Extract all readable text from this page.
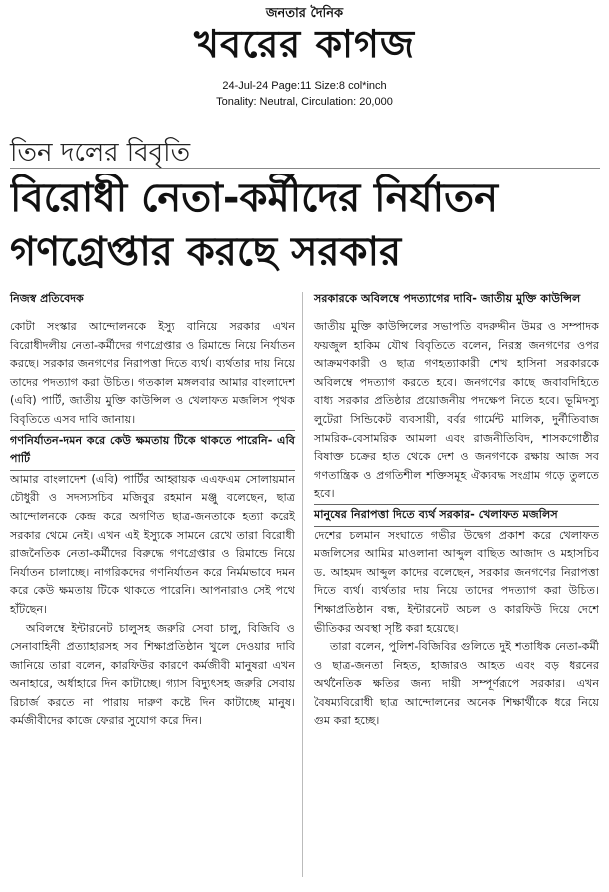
জনতার দৈনিক
খবরের কাগজ
24-Jul-24 Page:11 Size:8 col*inch
Tonality: Neutral, Circulation: 20,000
তিন দলের বিবৃতি
বিরোধী নেতা-কর্মীদের নির্যাতন
গণগ্রেপ্তার করছে সরকার
নিজস্ব প্রতিবেদক	সরকারকে অবিলম্বে পদত্যাগের দাবি- জাতীয় মুক্তি কাউন্সিল

কোটা সংস্কার আন্দোলনকে ইস্যু বানিয়ে সরকার এখন বিরোধীদলীয় নেতা-কর্মীদের গণগ্রেপ্তার ও রিমান্ডে নিয়ে নির্যাতন করছে। সরকার জনগণের নিরাপত্তা দিতে ব্যর্থ। ব্যর্থতার দায় নিয়ে তাদের পদত্যাগ করা উচিত। গতকাল মঙ্গলবার আমার বাংলাদেশ (এবি) পার্টি, জাতীয় মুক্তি কাউন্সিল ও খেলাফত মজলিস পৃথক বিবৃতিতে এসব দাবি জানায়।

গণনির্যাতন-দমন করে কেউ ক্ষমতায় টিকে থাকতে পারেনি- এবি পার্টি

আমার বাংলাদেশ (এবি) পার্টির আহ্বায়ক এএফএম সোলায়মান চৌধুরী ও সদস্যসচিব মজিবুর রহমান মঞ্জু বলেছেন, ছাত্র আন্দোলনকে কেন্দ্র করে অগণিত ছাত্র-জনতাকে হত্যা করেই সরকার থেমে নেই। এখন এই ইস্যুকে সামনে রেখে তারা বিরোধী রাজনৈতিক নেতা-কর্মীদের বিরুদ্ধে গণগ্রেপ্তার ও রিমান্ডে নিয়ে নির্যাতন চালাচ্ছে। নাগরিকদের গণনির্যাতন করে নির্মমভাবে দমন করে কেউ ক্ষমতায় টিকে থাকতে পারেনি। আপনারাও সেই পথে হাঁটছেন।

অবিলম্বে ইন্টারনেট চালুসহ জরুরি সেবা চালু, বিজিবি ও সেনাবাহিনী প্রত্যাহারসহ সব শিক্ষাপ্রতিষ্ঠান খুলে দেওয়ার দাবি জানিয়ে তারা বলেন, কারফিউর কারণে কর্মজীবী মানুষরা এখন অনাহারে, অর্ধাহারে দিন কাটাচ্ছে। গ্যাস বিদ্যুৎসহ জরুরি সেবায় রিচার্জ করতে না পারায় দারুণ কষ্টে দিন কাটাচ্ছে মানুষ। কর্মজীবীদের কাজে ফেরার সুযোগ করে দিন।

জাতীয় মুক্তি কাউন্সিলের সভাপতি বদরুদ্দীন উমর ও সম্পাদক ফয়জুল হাকিম যৌথ বিবৃতিতে বলেন, নিরস্ত্র জনগণের ওপর আক্রমণকারী ও ছাত্র গণহত্যাকারী শেখ হাসিনা সরকারকে অবিলম্বে পদত্যাগ করতে হবে। জনগণের কাছে জবাবদিহিতে বাধ্য সরকার প্রতিষ্ঠার প্রয়োজনীয় পদক্ষেপ নিতে হবে। ভূমিদস্যু লুটেরা সিন্ডিকেট ব্যবসায়ী, বর্বর গার্মেন্ট মালিক, দুর্নীতিবাজ সামরিক-বেসামরিক আমলা এবং রাজনীতিবিদ, শাসকগোষ্ঠীর বিষাক্ত চক্রের হাত থেকে দেশ ও জনগণকে রক্ষায় আজ সব গণতান্ত্রিক ও প্রগতিশীল শক্তিসমূহ ঐক্যবদ্ধ সংগ্রাম গড়ে তুলতে হবে।

মানুষের নিরাপত্তা দিতে ব্যর্থ সরকার- খেলাফত মজলিস

দেশের চলমান সংঘাতে গভীর উদ্বেগ প্রকাশ করে খেলাফত মজলিসের আমির মাওলানা আব্দুল বাছিত আজাদ ও মহাসচিব ড. আহমদ আব্দুল কাদের বলেছেন, সরকার জনগণের নিরাপত্তা দিতে ব্যর্থ। ব্যর্থতার দায় নিয়ে তাদের পদত্যাগ করা উচিত। শিক্ষাপ্রতিষ্ঠান বন্ধ, ইন্টারনেট অচল ও কারফিউ দিয়ে দেশে ভীতিকর অবস্থা সৃষ্টি করা হয়েছে।

তারা বলেন, পুলিশ-বিজিবির গুলিতে দুই শতাধিক নেতা-কর্মী ও ছাত্র-জনতা নিহত, হাজারও আহত এবং বড় ধরনের অর্থনৈতিক ক্ষতির জন্য দায়ী সম্পূর্ণরূপে সরকার। এখন বৈষম্যবিরোধী ছাত্র আন্দোলনের অনেক শিক্ষার্থীকে ধরে নিয়ে গুম করা হচ্ছে।
